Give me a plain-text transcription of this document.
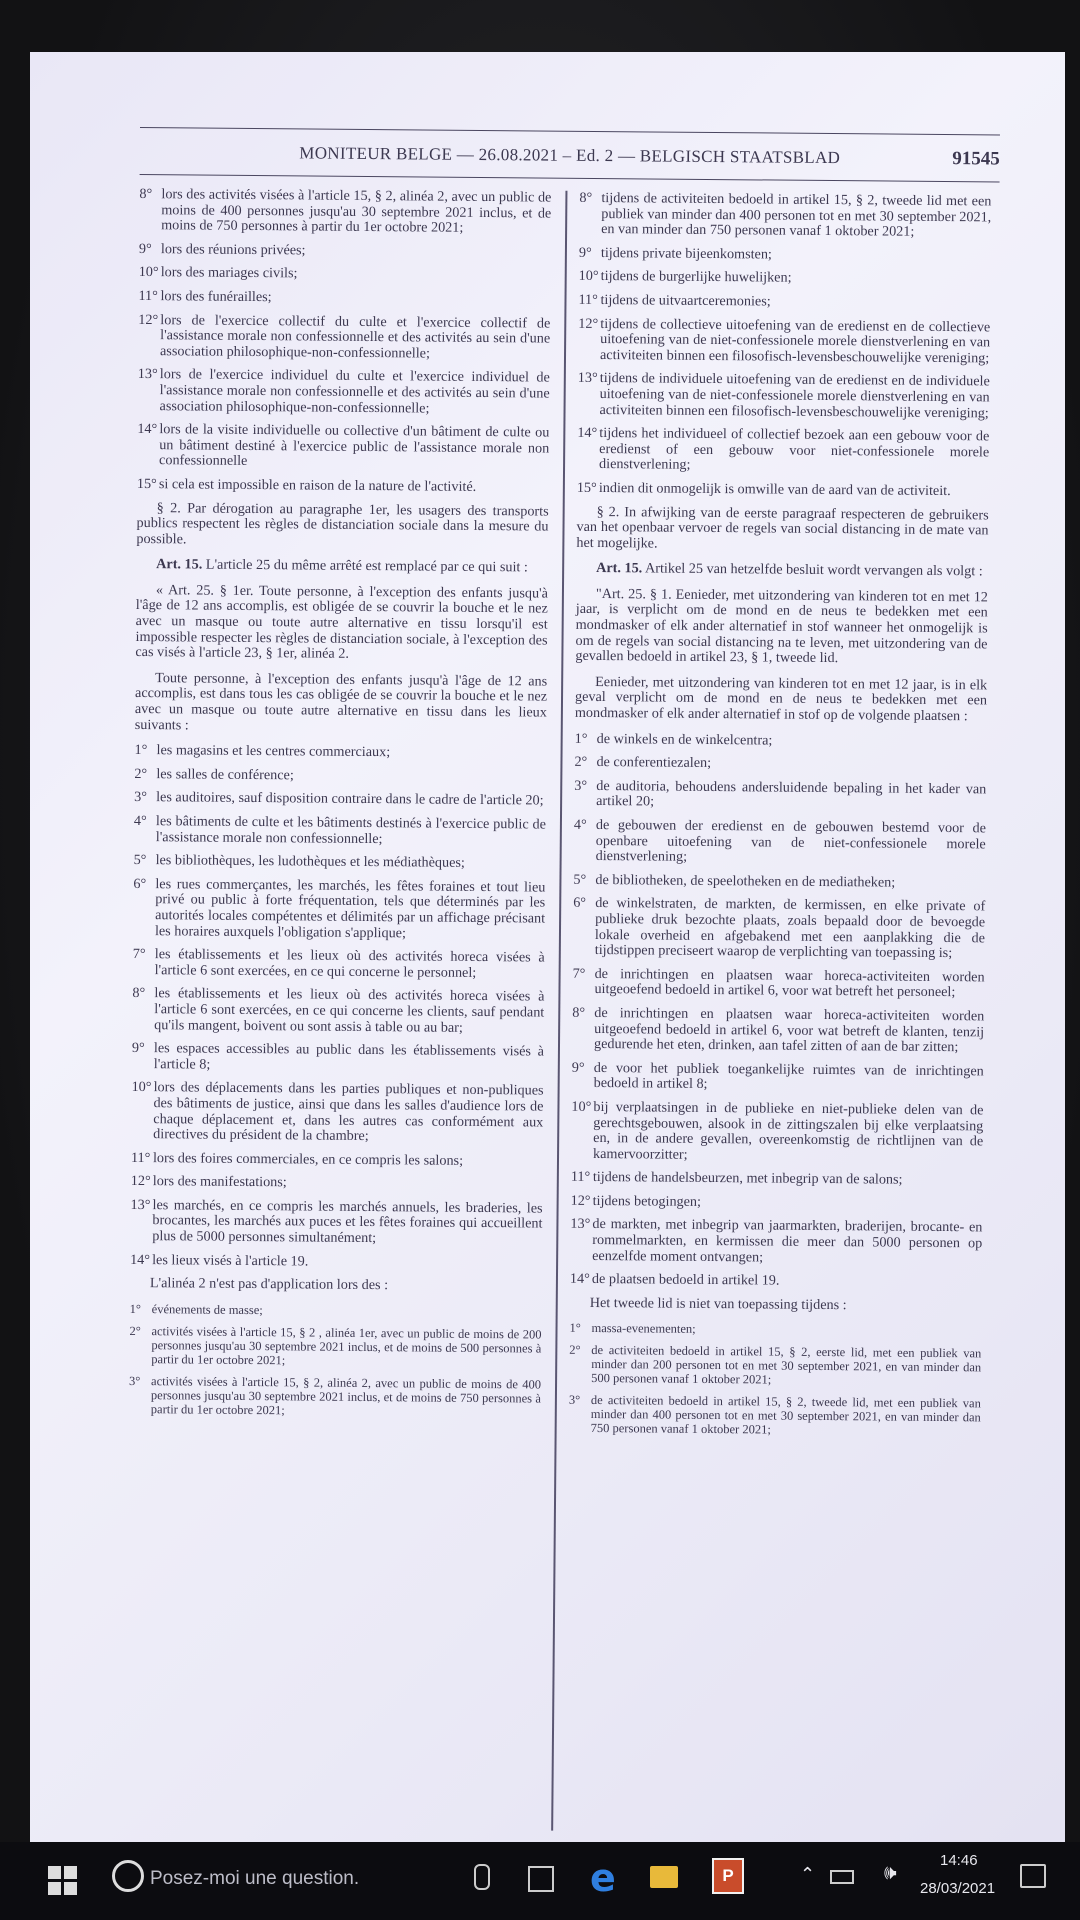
MONITEUR BELGE — 26.08.2021 – Ed. 2 — BELGISCH STAATSBLAD	91545
8° lors des activités visées à l'article 15, § 2, alinéa 2, avec un public de moins de 400 personnes jusqu'au 30 septembre 2021 inclus, et de moins de 750 personnes à partir du 1er octobre 2021;
9° lors des réunions privées;
10° lors des mariages civils;
11° lors des funérailles;
12° lors de l'exercice collectif du culte et l'exercice collectif de l'assistance morale non confessionnelle et des activités au sein d'une association philosophique-non-confessionnelle;
13° lors de l'exercice individuel du culte et l'exercice individuel de l'assistance morale non confessionnelle et des activités au sein d'une association philosophique-non-confessionnelle;
14° lors de la visite individuelle ou collective d'un bâtiment de culte ou un bâtiment destiné à l'exercice public de l'assistance morale non confessionnelle
15° si cela est impossible en raison de la nature de l'activité.

§ 2. Par dérogation au paragraphe 1er, les usagers des transports publics respectent les règles de distanciation sociale dans la mesure du possible.

Art. 15. L'article 25 du même arrêté est remplacé par ce qui suit :

« Art. 25. § 1er. Toute personne, à l'exception des enfants jusqu'à l'âge de 12 ans accomplis, est obligée de se couvrir la bouche et le nez avec un masque ou toute autre alternative en tissu lorsqu'il est impossible respecter les règles de distanciation sociale, à l'exception des cas visés à l'article 23, § 1er, alinéa 2.

Toute personne, à l'exception des enfants jusqu'à l'âge de 12 ans accomplis, est dans tous les cas obligée de se couvrir la bouche et le nez avec un masque ou toute autre alternative en tissu dans les lieux suivants :

1° les magasins et les centres commerciaux;
2° les salles de conférence;
3° les auditoires, sauf disposition contraire dans le cadre de l'article 20;
4° les bâtiments de culte et les bâtiments destinés à l'exercice public de l'assistance morale non confessionnelle;
5° les bibliothèques, les ludothèques et les médiathèques;
6° les rues commerçantes, les marchés, les fêtes foraines et tout lieu privé ou public à forte fréquentation, tels que déterminés par les autorités locales compétentes et délimités par un affichage précisant les horaires auxquels l'obligation s'applique;
7° les établissements et les lieux où des activités horeca visées à l'article 6 sont exercées, en ce qui concerne le personnel;
8° les établissements et les lieux où des activités horeca visées à l'article 6 sont exercées, en ce qui concerne les clients, sauf pendant qu'ils mangent, boivent ou sont assis à table ou au bar;
9° les espaces accessibles au public dans les établissements visés à l'article 8;
10° lors des déplacements dans les parties publiques et non-publiques des bâtiments de justice, ainsi que dans les salles d'audience lors de chaque déplacement et, dans les autres cas conformément aux directives du président de la chambre;
11° lors des foires commerciales, en ce compris les salons;
12° lors des manifestations;
13° les marchés, en ce compris les marchés annuels, les braderies, les brocantes, les marchés aux puces et les fêtes foraines qui accueillent plus de 5000 personnes simultanément;
14° les lieux visés à l'article 19.

L'alinéa 2 n'est pas d'application lors des :

1° événements de masse;
2° activités visées à l'article 15, § 2 , alinéa 1er, avec un public de moins de 200 personnes jusqu'au 30 septembre 2021 inclus, et de moins de 500 personnes à partir du 1er octobre 2021;
3° activités visées à l'article 15, § 2, alinéa 2, avec un public de moins de 400 personnes jusqu'au 30 septembre 2021 inclus, et de moins de 750 personnes à partir du 1er octobre 2021;
8° tijdens de activiteiten bedoeld in artikel 15, § 2, tweede lid met een publiek van minder dan 400 personen tot en met 30 september 2021, en van minder dan 750 personen vanaf 1 oktober 2021;
9° tijdens private bijeenkomsten;
10° tijdens de burgerlijke huwelijken;
11° tijdens de uitvaartceremonies;
12° tijdens de collectieve uitoefening van de eredienst en de collectieve uitoefening van de niet-confessionele morele dienstverlening en van activiteiten binnen een filosofisch-levensbeschouwelijke vereniging;
13° tijdens de individuele uitoefening van de eredienst en de individuele uitoefening van de niet-confessionele morele dienstverlening en van activiteiten binnen een filosofisch-levensbeschouwelijke vereniging;
14° tijdens het individueel of collectief bezoek aan een gebouw voor de eredienst of een gebouw voor niet-confessionele morele dienstverlening;
15° indien dit onmogelijk is omwille van de aard van de activiteit.

§ 2. In afwijking van de eerste paragraaf respecteren de gebruikers van het openbaar vervoer de regels van social distancing in de mate van het mogelijke.

Art. 15. Artikel 25 van hetzelfde besluit wordt vervangen als volgt :

"Art. 25. § 1. Eenieder, met uitzondering van kinderen tot en met 12 jaar, is verplicht om de mond en de neus te bedekken met een mondmasker of elk ander alternatief in stof wanneer het onmogelijk is om de regels van social distancing na te leven, met uitzondering van de gevallen bedoeld in artikel 23, § 1, tweede lid.

Eenieder, met uitzondering van kinderen tot en met 12 jaar, is in elk geval verplicht om de mond en de neus te bedekken met een mondmasker of elk ander alternatief in stof op de volgende plaatsen :

1° de winkels en de winkelcentra;
2° de conferentiezalen;
3° de auditoria, behoudens andersluidende bepaling in het kader van artikel 20;
4° de gebouwen der eredienst en de gebouwen bestemd voor de openbare uitoefening van de niet-confessionele morele dienstverlening;
5° de bibliotheken, de speelotheken en de mediatheken;
6° de winkelstraten, de markten, de kermissen, en elke private of publieke druk bezochte plaats, zoals bepaald door de bevoegde lokale overheid en afgebakend met een aanplakking die de tijdstippen preciseert waarop de verplichting van toepassing is;
7° de inrichtingen en plaatsen waar horeca-activiteiten worden uitgeoefend bedoeld in artikel 6, voor wat betreft het personeel;
8° de inrichtingen en plaatsen waar horeca-activiteiten worden uitgeoefend bedoeld in artikel 6, voor wat betreft de klanten, tenzij gedurende het eten, drinken, aan tafel zitten of aan de bar zitten;
9° de voor het publiek toegankelijke ruimtes van de inrichtingen bedoeld in artikel 8;
10° bij verplaatsingen in de publieke en niet-publieke delen van de gerechtsgebouwen, alsook in de zittingszalen bij elke verplaatsing en, in de andere gevallen, overeenkomstig de richtlijnen van de kamervoorzitter;
11° tijdens de handelsbeurzen, met inbegrip van de salons;
12° tijdens betogingen;
13° de markten, met inbegrip van jaarmarkten, braderijen, brocante- en rommelmarkten, en kermissen die meer dan 5000 personen op eenzelfde moment ontvangen;
14° de plaatsen bedoeld in artikel 19.

Het tweede lid is niet van toepassing tijdens :

1° massa-evenementen;
2° de activiteiten bedoeld in artikel 15, § 2, eerste lid, met een publiek van minder dan 200 personen tot en met 30 september 2021, en van minder dan 500 personen vanaf 1 oktober 2021;
3° de activiteiten bedoeld in artikel 15, § 2, tweede lid, met een publiek van minder dan 400 personen tot en met 30 september 2021, en van minder dan 750 personen vanaf 1 oktober 2021;
Posez-moi une question.	e	P	⌃	🕪
14:46
28/03/2021
